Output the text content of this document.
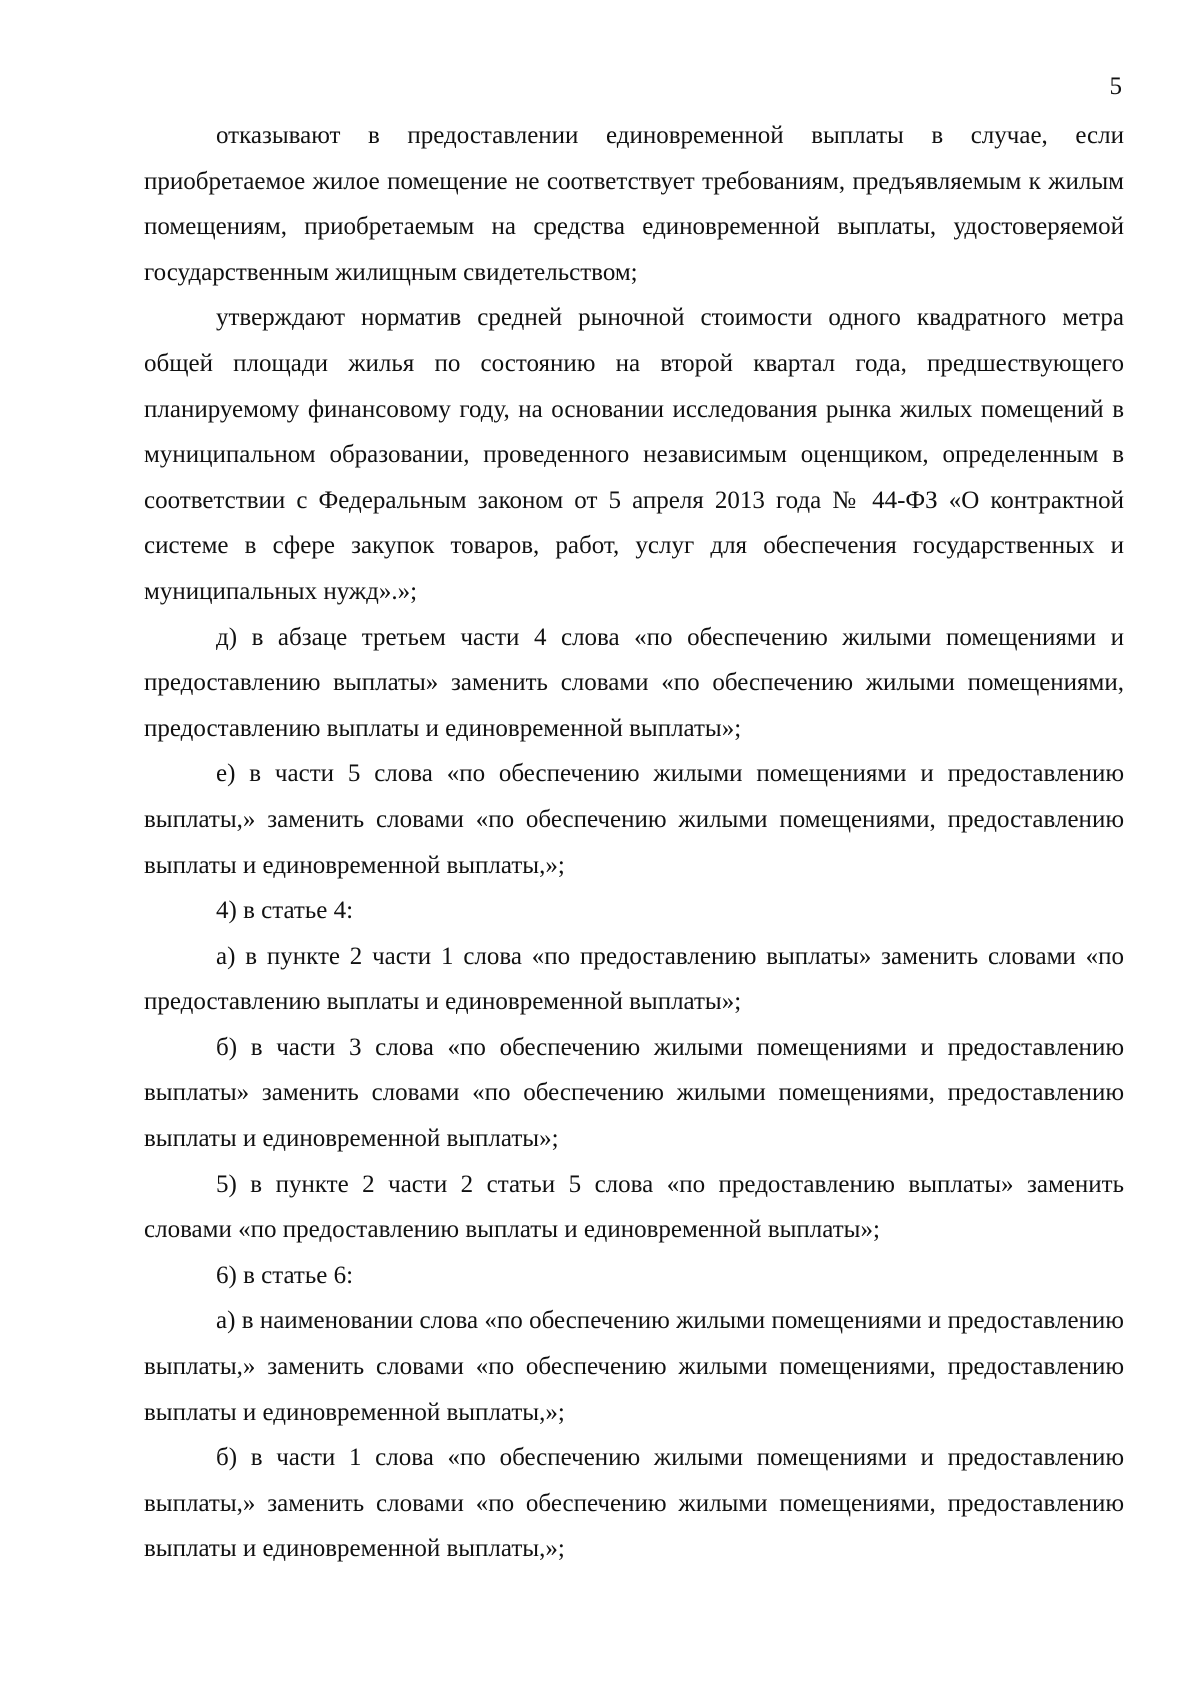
5

отказывают в предоставлении единовременной выплаты в случае, если приобретаемое жилое помещение не соответствует требованиям, предъявляемым к жилым помещениям, приобретаемым на средства единовременной выплаты, удостоверяемой государственным жилищным свидетельством;

утверждают норматив средней рыночной стоимости одного квадратного метра общей площади жилья по состоянию на второй квартал года, предшествующего планируемому финансовому году, на основании исследования рынка жилых помещений в муниципальном образовании, проведенного независимым оценщиком, определенным в соответствии с Федеральным законом от 5 апреля 2013 года № 44-ФЗ «О контрактной системе в сфере закупок товаров, работ, услуг для обеспечения государственных и муниципальных нужд».»;

д) в абзаце третьем части 4 слова «по обеспечению жилыми помещениями и предоставлению выплаты» заменить словами «по обеспечению жилыми помещениями, предоставлению выплаты и единовременной выплаты»;

е) в части 5 слова «по обеспечению жилыми помещениями и предоставлению выплаты,» заменить словами «по обеспечению жилыми помещениями, предоставлению выплаты и единовременной выплаты,»;

4) в статье 4:

а) в пункте 2 части 1 слова «по предоставлению выплаты» заменить словами «по предоставлению выплаты и единовременной выплаты»;

б) в части 3 слова «по обеспечению жилыми помещениями и предоставлению выплаты» заменить словами «по обеспечению жилыми помещениями, предоставлению выплаты и единовременной выплаты»;

5) в пункте 2 части 2 статьи 5 слова «по предоставлению выплаты» заменить словами «по предоставлению выплаты и единовременной выплаты»;

6) в статье 6:

а) в наименовании слова «по обеспечению жилыми помещениями и предоставлению выплаты,» заменить словами «по обеспечению жилыми помещениями, предоставлению выплаты и единовременной выплаты,»;

б) в части 1 слова «по обеспечению жилыми помещениями и предоставлению выплаты,» заменить словами «по обеспечению жилыми помещениями, предоставлению выплаты и единовременной выплаты,»;
